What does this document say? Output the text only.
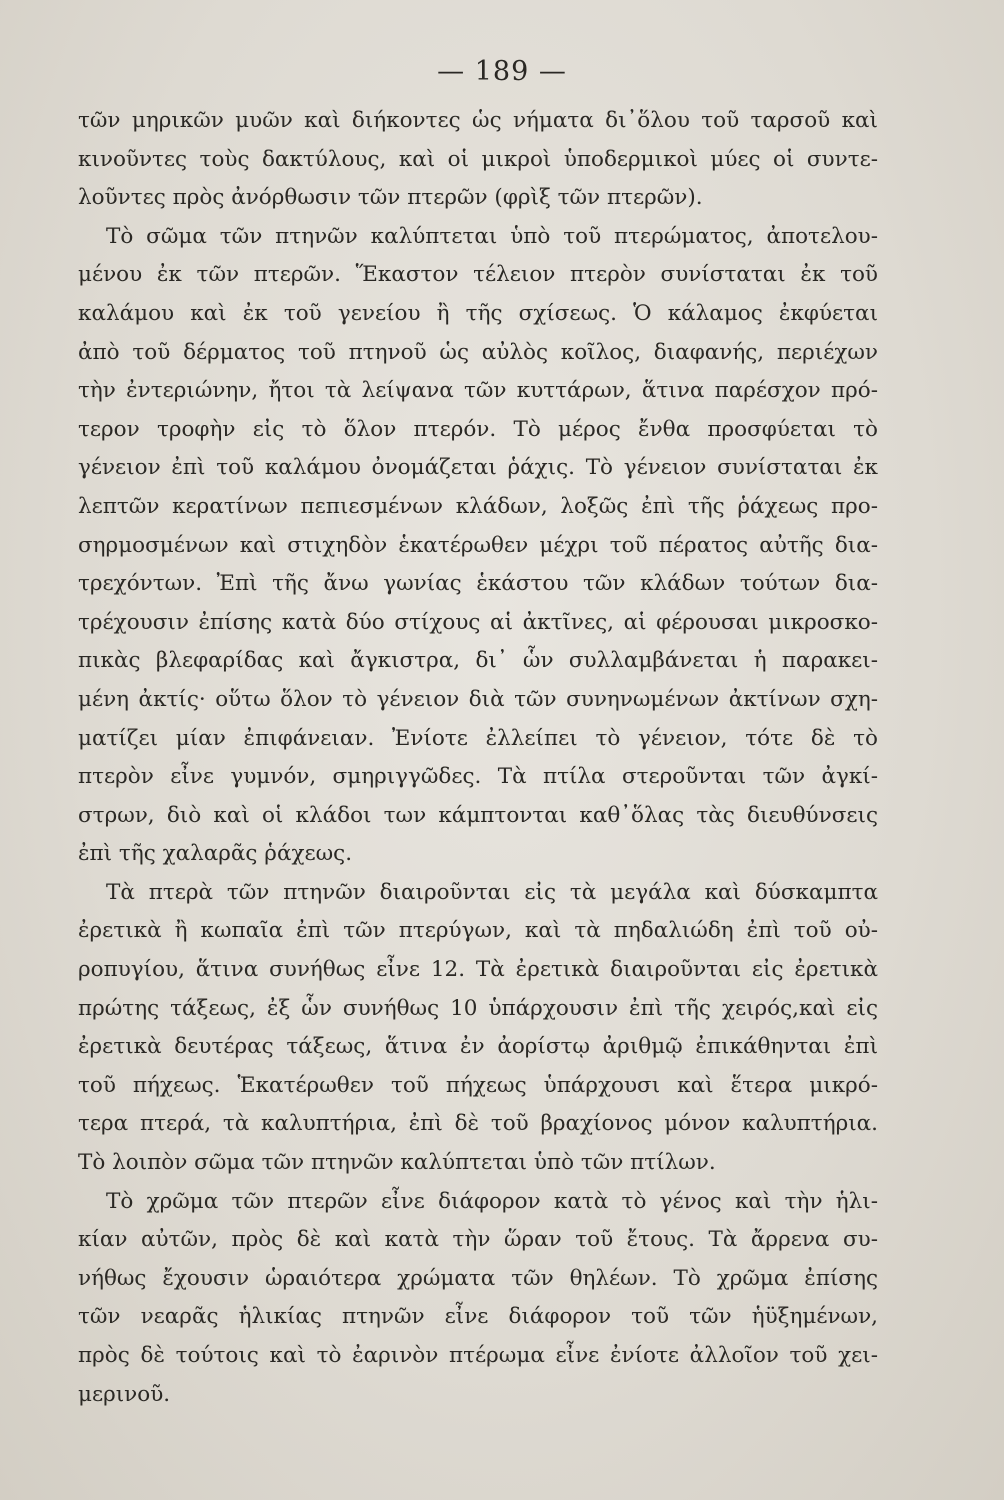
— 189 —
τῶν μηρικῶν μυῶν καὶ διήκοντες ὡς νήματα δι᾿ὅλου τοῦ ταρσοῦ καὶ
κινοῦντες τοὺς δακτύλους, καὶ οἱ μικροὶ ὑποδερμικοὶ μύες οἱ συντε-
λοῦντες πρὸς ἀνόρθωσιν τῶν πτερῶν (φρὶξ τῶν πτερῶν).
Τὸ σῶμα τῶν πτηνῶν καλύπτεται ὑπὸ τοῦ πτερώματος, ἀποτελου-
μένου ἐκ τῶν πτερῶν. Ἕκαστον τέλειον πτερὸν συνίσταται ἐκ τοῦ
καλάμου καὶ ἐκ τοῦ γενείου ἢ τῆς σχίσεως. Ὁ κάλαμος ἐκφύεται
ἀπὸ τοῦ δέρματος τοῦ πτηνοῦ ὡς αὐλὸς κοῖλος, διαφανής, περιέχων
τὴν ἐντεριώνην, ἤτοι τὰ λείψανα τῶν κυττάρων, ἅτινα παρέσχον πρό-
τερον τροφὴν εἰς τὸ ὅλον πτερόν. Τὸ μέρος ἔνθα προσφύεται τὸ
γένειον ἐπὶ τοῦ καλάμου ὀνομάζεται ῥάχις. Τὸ γένειον συνίσταται ἐκ
λεπτῶν κερατίνων πεπιεσμένων κλάδων, λοξῶς ἐπὶ τῆς ῥάχεως προ-
σηρμοσμένων καὶ στιχηδὸν ἑκατέρωθεν μέχρι τοῦ πέρατος αὐτῆς δια-
τρεχόντων. Ἐπὶ τῆς ἄνω γωνίας ἑκάστου τῶν κλάδων τούτων δια-
τρέχουσιν ἐπίσης κατὰ δύο στίχους αἱ ἀκτῖνες, αἱ φέρουσαι μικροσκο-
πικὰς βλεφαρίδας καὶ ἄγκιστρα, δι᾿ ὧν συλλαμβάνεται ἡ παρακει-
μένη ἀκτίς· οὕτω ὅλον τὸ γένειον διὰ τῶν συνηνωμένων ἀκτίνων σχη-
ματίζει μίαν ἐπιφάνειαν. Ἐνίοτε ἐλλείπει τὸ γένειον, τότε δὲ τὸ
πτερὸν εἶνε γυμνόν, σμηριγγῶδες. Τὰ πτίλα στεροῦνται τῶν ἀγκί-
στρων, διὸ καὶ οἱ κλάδοι των κάμπτονται καθ᾿ὅλας τὰς διευθύνσεις
ἐπὶ τῆς χαλαρᾶς ῥάχεως.
Τὰ πτερὰ τῶν πτηνῶν διαιροῦνται εἰς τὰ μεγάλα καὶ δύσκαμπτα
ἐρετικὰ ἢ κωπαῖα ἐπὶ τῶν πτερύγων, καὶ τὰ πηδαλιώδη ἐπὶ τοῦ οὐ-
ροπυγίου, ἅτινα συνήθως εἶνε 12. Τὰ ἐρετικὰ διαιροῦνται εἰς ἐρετικὰ
πρώτης τάξεως, ἐξ ὧν συνήθως 10 ὑπάρχουσιν ἐπὶ τῆς χειρός,καὶ εἰς
ἐρετικὰ δευτέρας τάξεως, ἅτινα ἐν ἀορίστῳ ἀριθμῷ ἐπικάθηνται ἐπὶ
τοῦ πήχεως. Ἑκατέρωθεν τοῦ πήχεως ὑπάρχουσι καὶ ἕτερα μικρό-
τερα πτερά, τὰ καλυπτήρια, ἐπὶ δὲ τοῦ βραχίονος μόνον καλυπτήρια.
Τὸ λοιπὸν σῶμα τῶν πτηνῶν καλύπτεται ὑπὸ τῶν πτίλων.
Τὸ χρῶμα τῶν πτερῶν εἶνε διάφορον κατὰ τὸ γένος καὶ τὴν ἡλι-
κίαν αὐτῶν, πρὸς δὲ καὶ κατὰ τὴν ὥραν τοῦ ἔτους. Τὰ ἄρρενα συ-
νήθως ἔχουσιν ὡραιότερα χρώματα τῶν θηλέων. Τὸ χρῶμα ἐπίσης
τῶν νεαρᾶς ἡλικίας πτηνῶν εἶνε διάφορον τοῦ τῶν ἡϋξημένων,
πρὸς δὲ τούτοις καὶ τὸ ἐαρινὸν πτέρωμα εἶνε ἐνίοτε ἀλλοῖον τοῦ χει-
μερινοῦ.
